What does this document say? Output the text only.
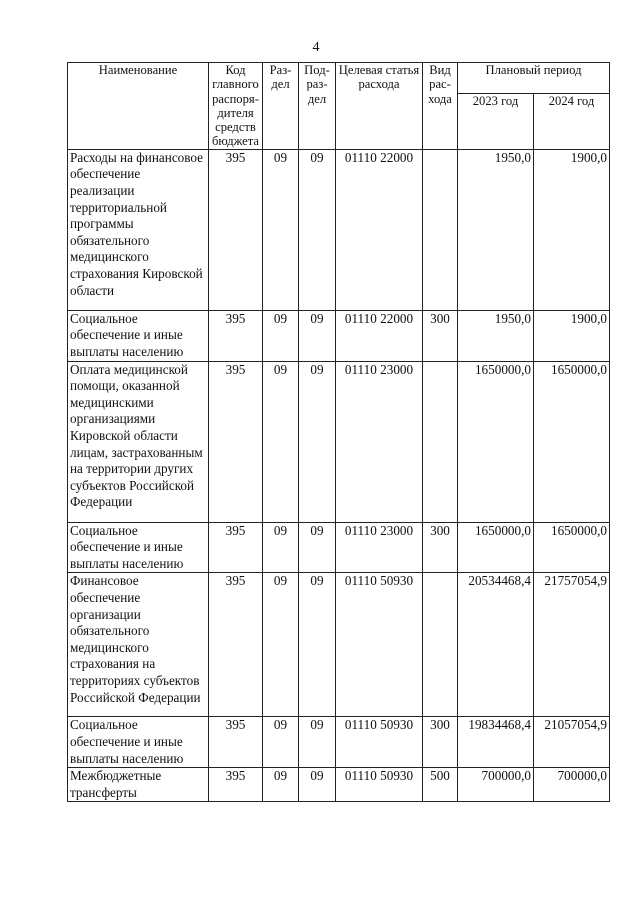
4
Наименование	Код главного распоря-дителя средств бюджета	Раз-дел	Под-раз-дел	Целевая статья расхода	Вид рас-хода	Плановый период	
						2023 год	2024 год
Расходы на финансовое обеспечение реализации территориальной программы обязательного медицинского страхования Кировской области	395	09	09	01110 22000		1950,0	1900,0
Социальное обеспечение и иные выплаты населению	395	09	09	01110 22000	300	1950,0	1900,0
Оплата медицинской помощи, оказанной медицинскими организациями Кировской области лицам, застрахованным на территории других субъектов Российской Федерации	395	09	09	01110 23000		1650000,0	1650000,0
Социальное обеспечение и иные выплаты населению	395	09	09	01110 23000	300	1650000,0	1650000,0
Финансовое обеспечение организации обязательного медицинского страхования на территориях субъектов Российской Федерации	395	09	09	01110 50930		20534468,4	21757054,9
Социальное обеспечение и иные выплаты населению	395	09	09	01110 50930	300	19834468,4	21057054,9
Межбюджетные трансферты	395	09	09	01110 50930	500	700000,0	700000,0
